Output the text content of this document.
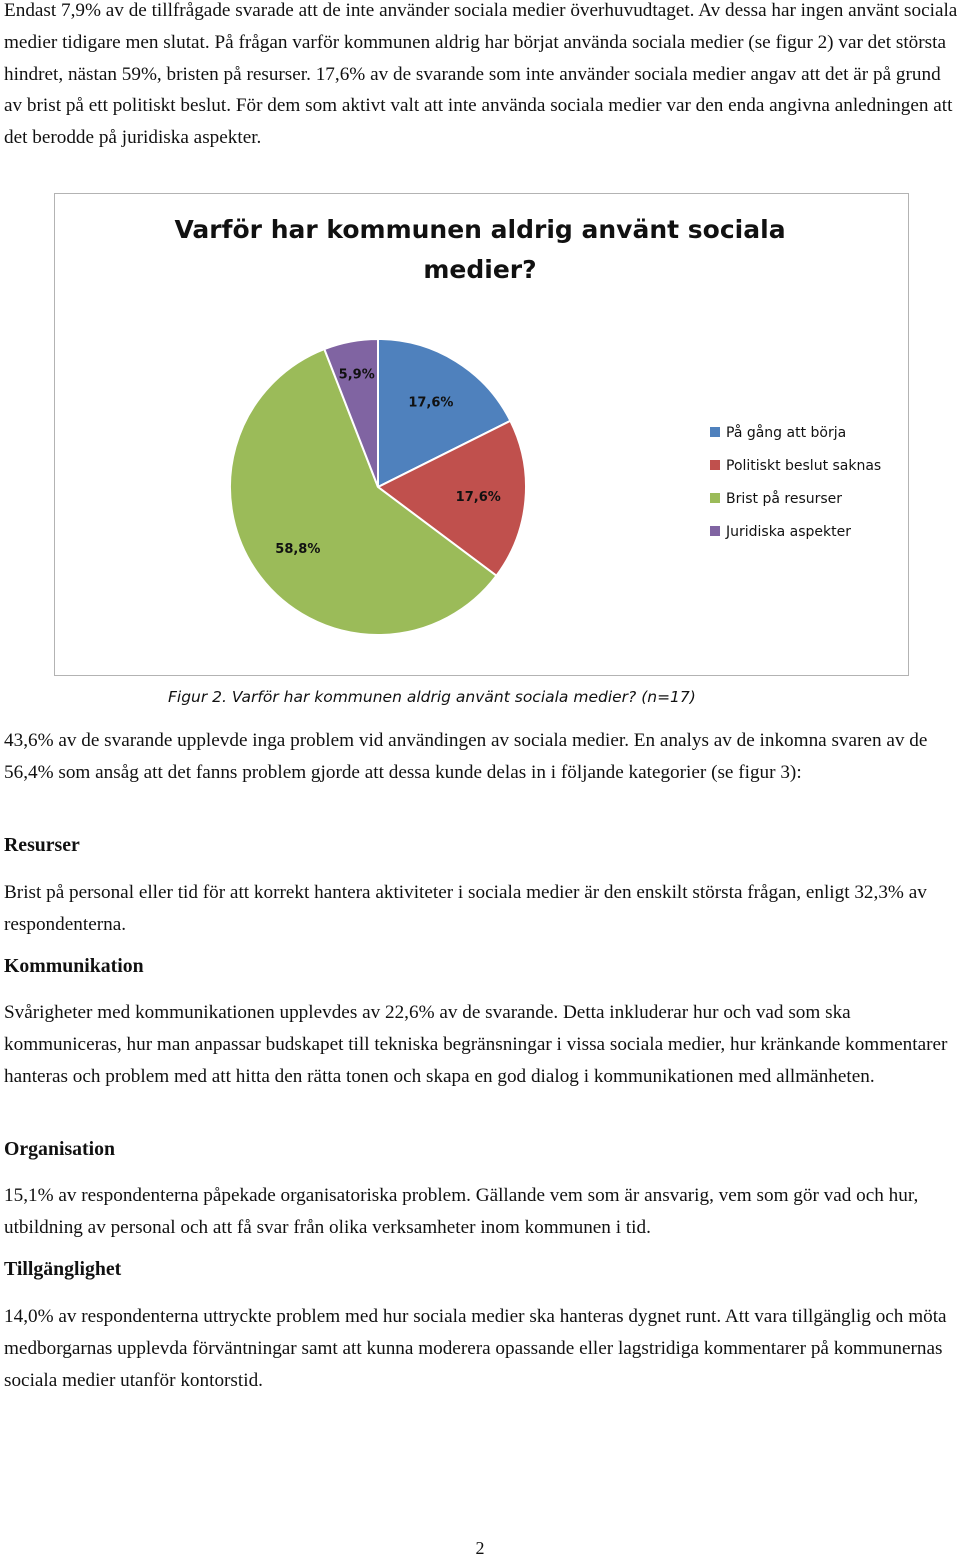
Endast 7,9% av de tillfrågade svarade att de inte använder sociala medier överhuvudtaget. Av dessa har ingen använt sociala medier tidigare men slutat. På frågan varför kommunen aldrig har börjat använda sociala medier (se figur 2) var det största hindret, nästan 59%, bristen på resurser. 17,6% av de svarande som inte använder sociala medier angav att det är på grund av brist på ett politiskt beslut. För dem som aktivt valt att inte använda sociala medier var den enda angivna anledningen att det berodde på juridiska aspekter.

Varför har kommunen aldrig använt sociala
medier?
17,6%
17,6%
58,8%
5,9%
På gång att börja
Politiskt beslut saknas
Brist på resurser
Juridiska aspekter

Figur 2. Varför har kommunen aldrig använt sociala medier? (n=17)

43,6% av de svarande upplevde inga problem vid användingen av sociala medier. En analys av de inkomna svaren av de 56,4% som ansåg att det fanns problem gjorde att dessa kunde delas in i följande kategorier (se figur 3):

Resurser

Brist på personal eller tid för att korrekt hantera aktiviteter i sociala medier är den enskilt största frågan, enligt 32,3% av respondenterna.

Kommunikation

Svårigheter med kommunikationen upplevdes av 22,6% av de svarande. Detta inkluderar hur och vad som ska kommuniceras, hur man anpassar budskapet till tekniska begränsningar i vissa sociala medier, hur kränkande kommentarer hanteras och problem med att hitta den rätta tonen och skapa en god dialog i kommunikationen med allmänheten.

Organisation

15,1% av respondenterna påpekade organisatoriska problem. Gällande vem som är ansvarig, vem som gör vad och hur, utbildning av personal och att få svar från olika verksamheter inom kommunen i tid.

Tillgänglighet

14,0% av respondenterna uttryckte problem med hur sociala medier ska hanteras dygnet runt. Att vara tillgänglig och möta medborgarnas upplevda förväntningar samt att kunna moderera opassande eller lagstridiga kommentarer på kommunernas sociala medier utanför kontorstid.

2
